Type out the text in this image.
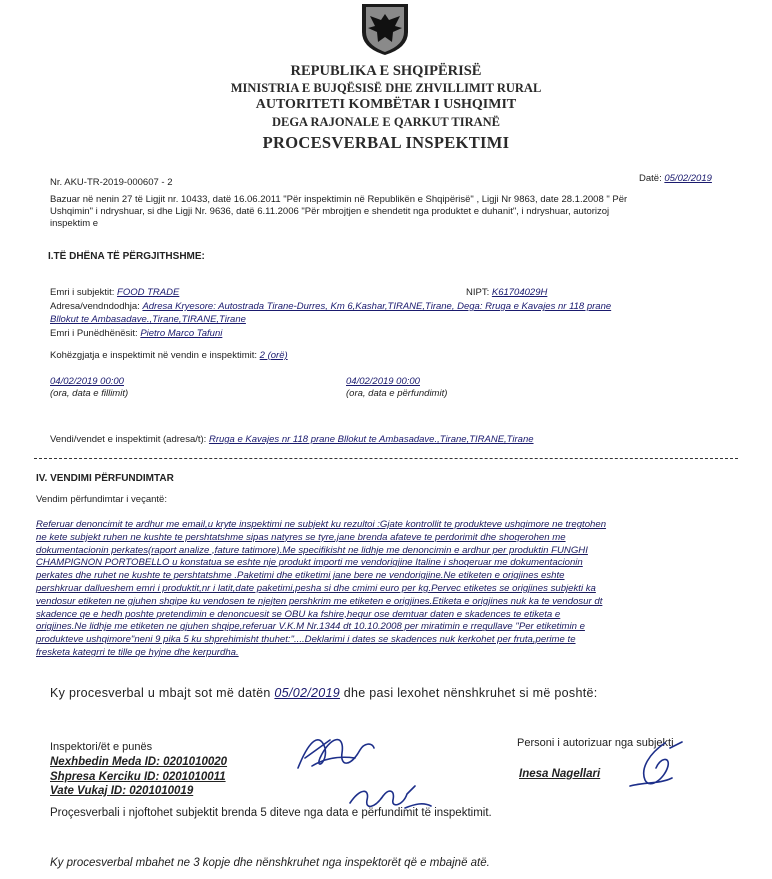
REPUBLIKA E SHQIPËRISË
MINISTRIA E BUJQËSISË DHE ZHVILLIMIT RURAL
AUTORITETI KOMBËTAR I USHQIMIT
DEGA RAJONALE E QARKUT TIRANË
PROCESVERBAL INSPEKTIMI
Nr. AKU-TR-2019-000607 - 2	Datë: 05/02/2019
Bazuar në nenin 27 të Ligjit nr. 10433, datë 16.06.2011 "Për inspektimin në Republikën e Shqipërisë" , Ligji Nr 9863, date 28.1.2008 " Për
Ushqimin" i ndryshuar, si dhe Ligji Nr. 9636, datë 6.11.2006 "Për mbrojtjen e shendetit nga produktet e duhanit", i ndryshuar, autorizoj
inspektim e
I.TË DHËNA TË PËRGJITHSHME:
Emri i subjektit: FOOD TRADE	NIPT: K61704029H
Adresa/vendndodhja: Adresa Kryesore: Autostrada Tirane-Durres, Km 6,Kashar,TIRANE,Tirane, Dega: Rruga e Kavajes nr 118 prane
Bllokut te Ambasadave.,Tirane,TIRANE,Tirane
Emri i Punëdhënësit: Pietro Marco Tafuni
Kohëzgjatja e inspektimit në vendin e inspektimit: 2 (orë)
04/02/2019 00:00
(ora, data e fillimit)
04/02/2019 00:00
(ora, data e përfundimit)
Vendi/vendet e inspektimit (adresa/t): Rruga e Kavajes nr 118 prane Bllokut te Ambasadave.,Tirane,TIRANE,Tirane
IV. VENDIMI PËRFUNDIMTAR
Vendim përfundimtar i veçantë:
Referuar denoncimit te ardhur me email,u kryte inspektimi ne subjekt ku rezultoi :Gjate kontrollit te produkteve ushqimore ne tregtohen
ne kete subjekt ruhen ne kushte te pershtatshme sipas natyres se tyre,jane brenda afateve te perdorimit dhe shoqerohen me
dokumentacionin perkates(raport analize ,fature tatimore).Me specifikisht ne lidhje me denoncimin e ardhur per produktin FUNGHI
CHAMPIGNON PORTOBELLO u konstatua se eshte nje produkt importi me vendorigjine Italine i shoqeruar me dokumentacionin
perkates dhe ruhet ne kushte te pershtatshme .Paketimi dhe etiketimi jane bere ne vendorigjine.Ne etiketen e origjines eshte
pershkruar dallueshem emri i produktit,nr i latit,date paketimi,pesha si dhe cmimi euro per kg.Pervec etiketes se origjines subjekti ka
vendosur etiketen ne gjuhen shqipe ku vendosen te njejten pershkrim me etiketen e origjines.Etiketa e origjines nuk ka te vendosur dt
skadence qe e hedh poshte pretendimin e denoncuesit se OBU ka fshire,hequr ose demtuar daten e skadences te etiketa e
origjines.Ne lidhje me etiketen ne gjuhen shqipe,referuar V.K.M Nr.1344 dt 10.10.2008 per miratimin e rregullave "Per etiketimin e
produkteve ushqimore"neni 9 pika 5 ku shprehimisht thuhet:"....Deklarimi i dates se skadences nuk kerkohet per fruta,perime te
fresketa kategrri te tille qe hyjne dhe kerpurdha.
Ky procesverbal u mbajt sot më datën 05/02/2019 dhe pasi lexohet nënshkruhet si më poshtë:
Inspektori/ët e punës
Nexhbedin Meda ID: 0201010020
Shpresa Kerciku ID: 0201010011
Vate Vukaj ID: 0201010019
Personi i autorizuar nga subjekti
Inesa Nagellari
Proçesverbali i njoftohet subjektit brenda 5 diteve nga data e përfundimit të inspektimit.
Ky procesverbal mbahet ne 3 kopje dhe nënshkruhet nga inspektorët që e mbajnë atë.
